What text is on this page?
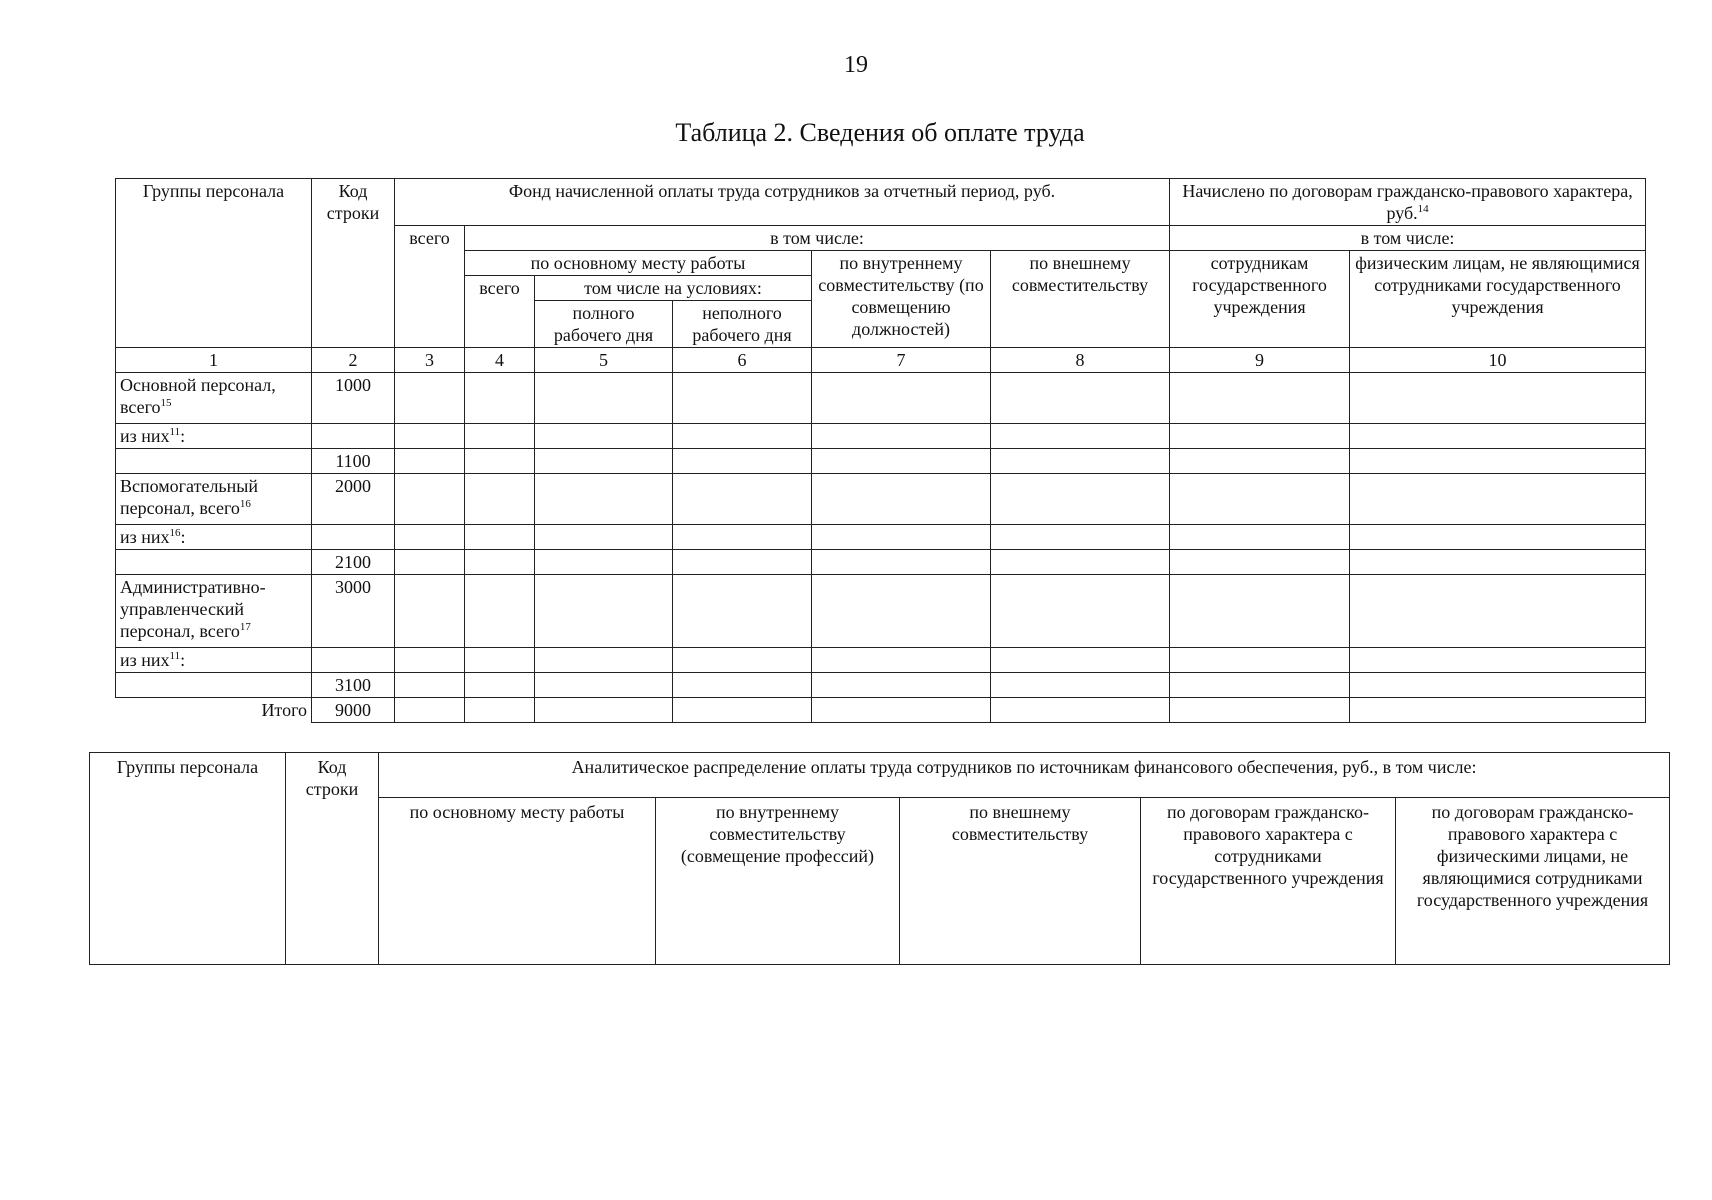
19
Таблица 2. Сведения об оплате труда
Группы персонала	Код строки	Фонд начисленной оплаты труда сотрудников за отчетный период, руб.						Начислено по договорам гражданско-правового характера, руб.$^{14}$
		всего	в том числе:					в том числе:	
			по основному месту работы			по внутреннему совместительству (по совмещению должностей)	по внешнему совместительству	сотрудникам государственного учреждения	физическим лицам, не являющимися сотрудниками государственного учреждения
			всего	том числе на условиях:					
				полного рабочего дня	неполного рабочего дня				
1	2	3	4	5	6	7	8	9	10
Основной персонал, всего$^{15}$	1000								
из них$^{11}$:									
	1100								
Вспомогательный персонал, всего$^{16}$	2000								
из них$^{16}$:									
	2100								
Административно-управленческий персонал, всего$^{17}$	3000								
из них$^{11}$:									
	3100								
Итого	9000								
Группы персонала	Код строки	Аналитическое распределение оплаты труда сотрудников по источникам финансового обеспечения, руб., в том числе:				
		по основному месту работы	по внутреннему совместительству (совмещение профессий)	по внешнему совместительству	по договорам гражданско-правового характера с сотрудниками государственного учреждения	по договорам гражданско-правового характера с физическими лицами, не являющимися сотрудниками государственного учреждения
